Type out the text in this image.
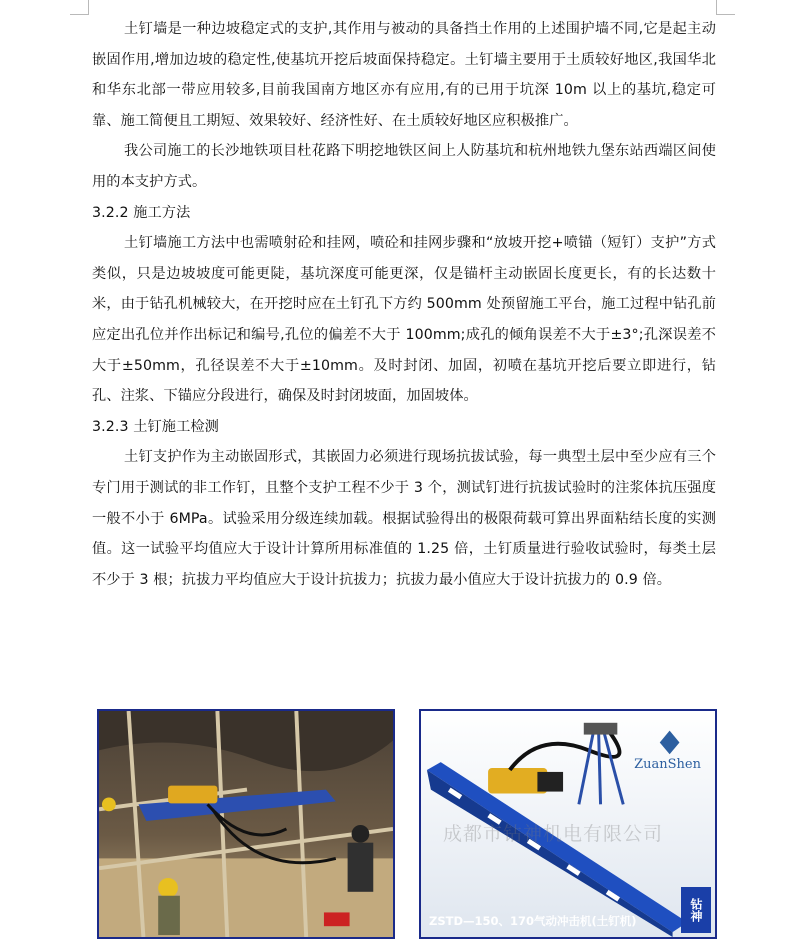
土钉墙是一种边坡稳定式的支护,其作用与被动的具备挡土作用的上述围护墙不同,它是起主动嵌固作用,增加边坡的稳定性,使基坑开挖后坡面保持稳定。土钉墙主要用于土质较好地区,我国华北和华东北部一带应用较多,目前我国南方地区亦有应用,有的已用于坑深 10m 以上的基坑,稳定可靠、施工简便且工期短、效果较好、经济性好、在土质较好地区应积极推广。

我公司施工的长沙地铁项目杜花路下明挖地铁区间上人防基坑和杭州地铁九堡东站西端区间使用的本支护方式。

3.2.2 施工方法

土钉墙施工方法中也需喷射砼和挂网，喷砼和挂网步骤和“放坡开挖+喷锚（短钉）支护”方式类似，只是边坡坡度可能更陡，基坑深度可能更深，仅是锚杆主动嵌固长度更长，有的长达数十米，由于钻孔机械较大，在开挖时应在土钉孔下方约 500mm 处预留施工平台，施工过程中钻孔前应定出孔位并作出标记和编号,孔位的偏差不大于 100mm;成孔的倾角误差不大于±3°;孔深误差不大于±50mm，孔径误差不大于±10mm。及时封闭、加固，初喷在基坑开挖后要立即进行，钻孔、注浆、下锚应分段进行，确保及时封闭坡面，加固坡体。

3.2.3 土钉施工检测

土钉支护作为主动嵌固形式，其嵌固力必须进行现场抗拔试验，每一典型土层中至少应有三个专门用于测试的非工作钉，且整个支护工程不少于 3 个，测试钉进行抗拔试验时的注浆体抗压强度一般不小于 6MPa。试验采用分级连续加载。根据试验得出的极限荷载可算出界面粘结长度的实测值。这一试验平均值应大于设计计算所用标准值的 1.25 倍，土钉质量进行验收试验时，每类土层不少于 3 根；抗拔力平均值应大于设计抗拔力；抗拔力最小值应大于设计抗拔力的 0.9 倍。

ZuanShen
ZSTD—150、170气动冲击机(土钉机)	钻神
成都市钻神机电有限公司
